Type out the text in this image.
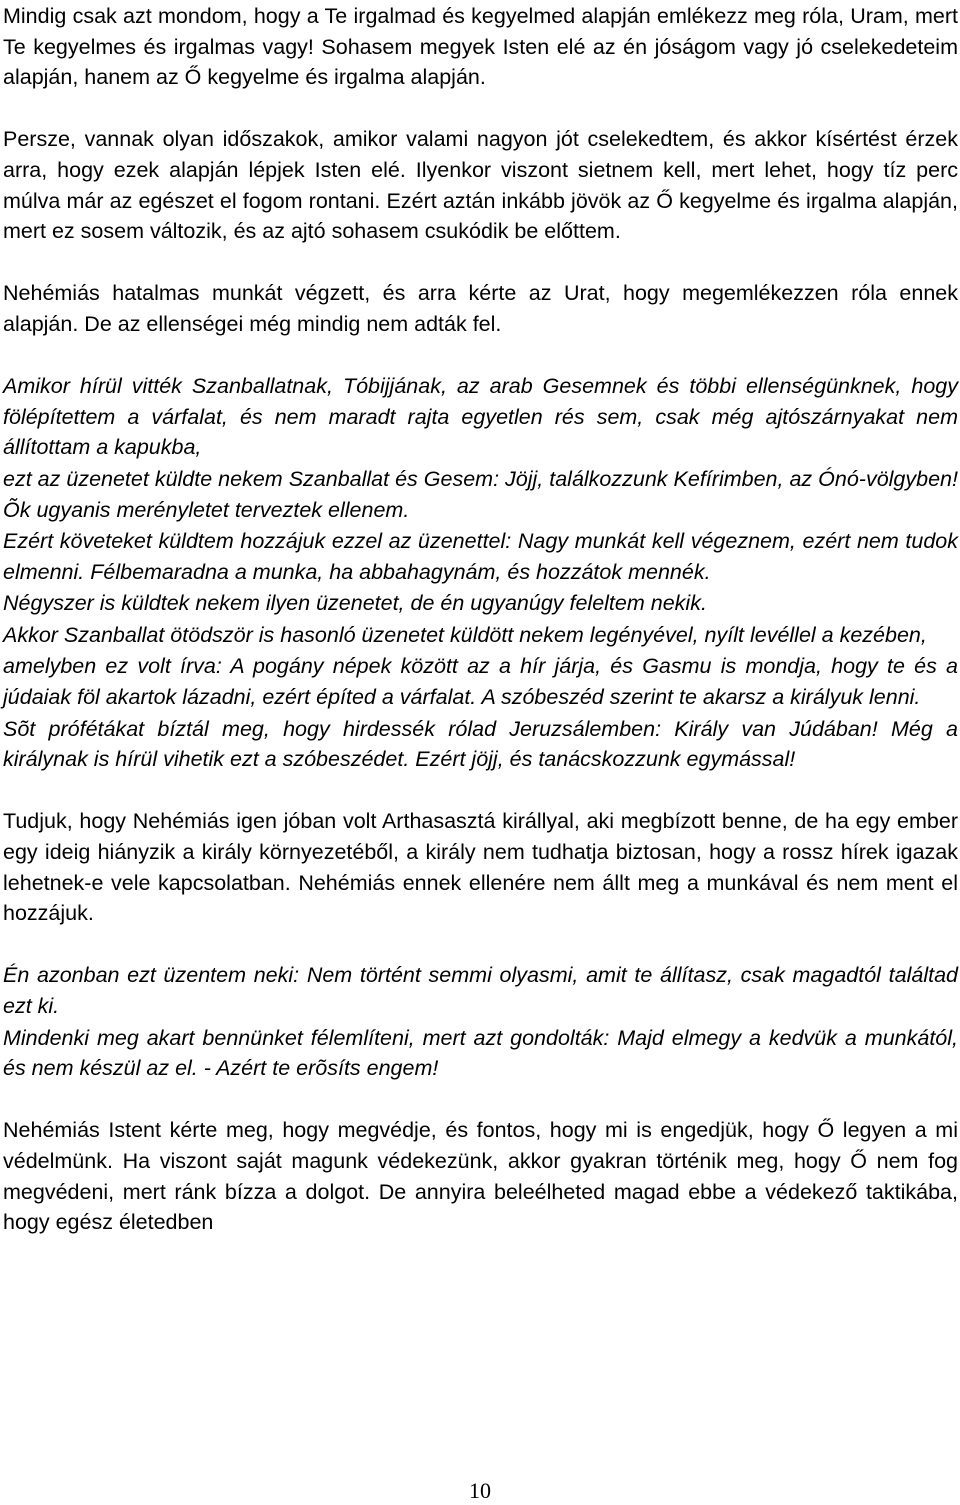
Mindig csak azt mondom, hogy a Te irgalmad és kegyelmed alapján emlékezz meg róla, Uram, mert Te kegyelmes és irgalmas vagy! Sohasem megyek Isten elé az én jóságom vagy jó cselekedeteim alapján, hanem az Ő kegyelme és irgalma alapján.

Persze, vannak olyan időszakok, amikor valami nagyon jót cselekedtem, és akkor kísértést érzek arra, hogy ezek alapján lépjek Isten elé. Ilyenkor viszont sietnem kell, mert lehet, hogy tíz perc múlva már az egészet el fogom rontani. Ezért aztán inkább jövök az Ő kegyelme és irgalma alapján, mert ez sosem változik, és az ajtó sohasem csukódik be előttem.

Nehémiás hatalmas munkát végzett, és arra kérte az Urat, hogy megemlékezzen róla ennek alapján. De az ellenségei még mindig nem adták fel.

Amikor hírül vitték Szanballatnak, Tóbijjának, az arab Gesemnek és többi ellenségünknek, hogy fölépítettem a várfalat, és nem maradt rajta egyetlen rés sem, csak még ajtószárnyakat nem állítottam a kapukba,

ezt az üzenetet küldte nekem Szanballat és Gesem: Jöjj, találkozzunk Kefírimben, az Ónó-völgyben! Õk ugyanis merényletet terveztek ellenem.

Ezért követeket küldtem hozzájuk ezzel az üzenettel: Nagy munkát kell végeznem, ezért nem tudok elmenni. Félbemaradna a munka, ha abbahagynám, és hozzátok mennék.

Négyszer is küldtek nekem ilyen üzenetet, de én ugyanúgy feleltem nekik.

Akkor Szanballat ötödször is hasonló üzenetet küldött nekem legényével, nyílt levéllel a kezében,

amelyben ez volt írva: A pogány népek között az a hír járja, és Gasmu is mondja, hogy te és a júdaiak föl akartok lázadni, ezért építed a várfalat. A szóbeszéd szerint te akarsz a királyuk lenni.

Sõt prófétákat bíztál meg, hogy hirdessék rólad Jeruzsálemben: Király van Júdában! Még a királynak is hírül vihetik ezt a szóbeszédet. Ezért jöjj, és tanácskozzunk egymással!

Tudjuk, hogy Nehémiás igen jóban volt Arthasasztá királlyal, aki megbízott benne, de ha egy ember egy ideig hiányzik a király környezetéből, a király nem tudhatja biztosan, hogy a rossz hírek igazak lehetnek-e vele kapcsolatban. Nehémiás ennek ellenére nem állt meg a munkával és nem ment el hozzájuk.

Én azonban ezt üzentem neki: Nem történt semmi olyasmi, amit te állítasz, csak magadtól találtad ezt ki.

Mindenki meg akart bennünket félemlíteni, mert azt gondolták: Majd elmegy a kedvük a munkától, és nem készül az el. - Azért te erõsíts engem!

Nehémiás Istent kérte meg, hogy megvédje, és fontos, hogy mi is engedjük, hogy Ő legyen a mi védelmünk. Ha viszont saját magunk védekezünk, akkor gyakran történik meg, hogy Ő nem fog megvédeni, mert ránk bízza a dolgot. De annyira beleélheted magad ebbe a védekező taktikába, hogy egész életedben

10
